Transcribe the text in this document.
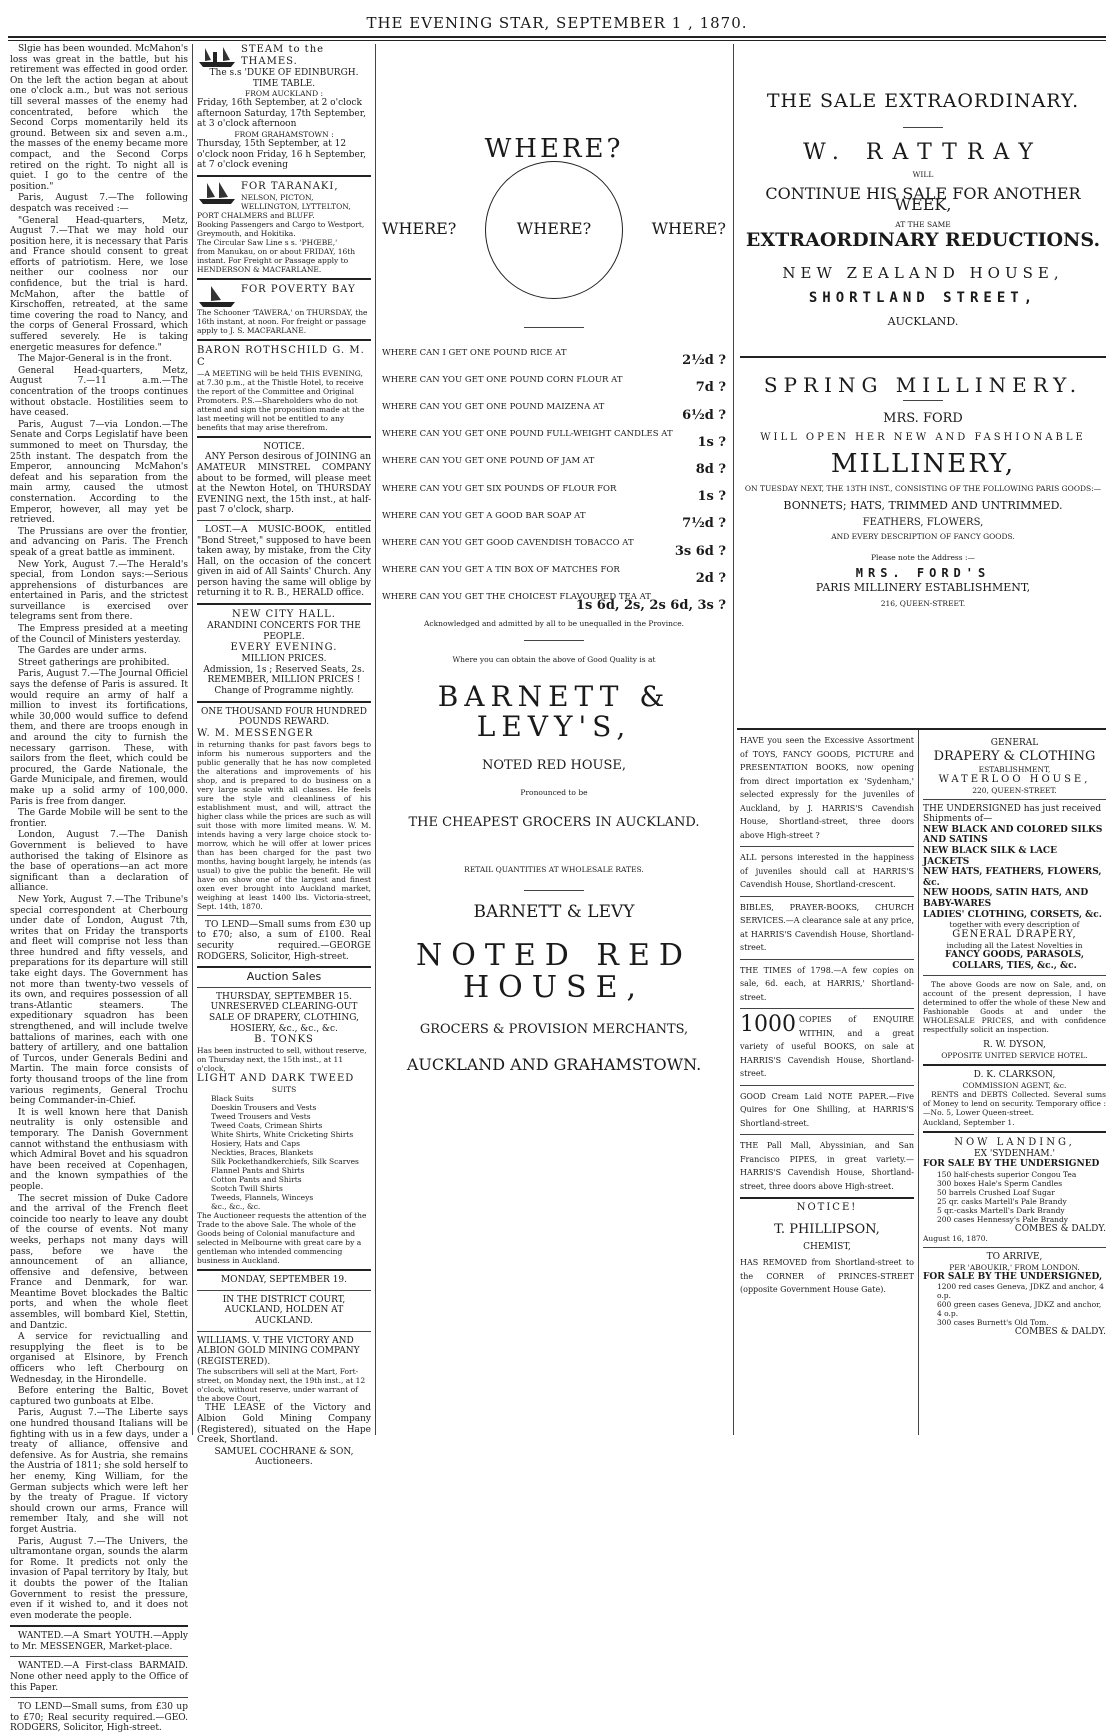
THE EVENING STAR, SEPTEMBER 1 , 1870.

Slgie has been wounded. McMahon's loss was great in the battle, but his retirement was effected in good order. On the left the action began at about one o'clock a.m., but was not serious till several masses of the enemy had concentrated, before which the Second Corps momentarily held its ground. Between six and seven a.m., the masses of the enemy became more compact, and the Second Corps retired on the right. To night all is quiet. I go to the centre of the position."

Paris, August 7.—The following despatch was received :—

"General Head-quarters, Metz, August 7.—That we may hold our position here, it is necessary that Paris and France should consent to great efforts of patriotism. Here, we lose neither our coolness nor our confidence, but the trial is hard. McMahon, after the battle of Kirschoffen, retreated, at the same time covering the road to Nancy, and the corps of General Frossard, which suffered severely. He is taking energetic measures for defence."

The Major-General is in the front.

General Head-quarters, Metz, August 7.—11 a.m.—The concentration of the troops continues without obstacle. Hostilities seem to have ceased.

Paris, August 7—via London.—The Senate and Corps Legislatif have been summoned to meet on Thursday, the 25th instant. The despatch from the Emperor, announcing McMahon's defeat and his separation from the main army, caused the utmost consternation. According to the Emperor, however, all may yet be retrieved.

The Prussians are over the frontier, and advancing on Paris. The French speak of a great battle as imminent.

New York, August 7.—The Herald's special, from London says:—Serious apprehensions of disturbances are entertained in Paris, and the strictest surveillance is exercised over telegrams sent from there.

The Empress presided at a meeting of the Council of Ministers yesterday.

The Gardes are under arms.

Street gatherings are prohibited.

Paris, August 7.—The Journal Officiel says the defense of Paris is assured. It would require an army of half a million to invest its fortifications, while 30,000 would suffice to defend them, and there are troops enough in and around the city to furnish the necessary garrison. These, with sailors from the fleet, which could be procured, the Garde Nationale, the Garde Municipale, and firemen, would make up a solid army of 100,000. Paris is free from danger.

The Garde Mobile will be sent to the frontier.

London, August 7.—The Danish Government is believed to have authorised the taking of Elsinore as the base of operations—an act more significant than a declaration of alliance.

New York, August 7.—The Tribune's special correspondent at Cherbourg under date of London, August 7th, writes that on Friday the transports and fleet will comprise not less than three hundred and fifty vessels, and preparations for its departure will still take eight days. The Government has not more than twenty-two vessels of its own, and requires possession of all trans-Atlantic steamers. The expeditionary squadron has been strengthened, and will include twelve battalions of marines, each with one battery of artillery, and one battalion of Turcos, under Generals Bedini and Martin. The main force consists of forty thousand troops of the line from various regiments, General Trochu being Commander-in-Chief.

It is well known here that Danish neutrality is only ostensible and temporary. The Danish Government cannot withstand the enthusiasm with which Admiral Bovet and his squadron have been received at Copenhagen, and the known sympathies of the people.

The secret mission of Duke Cadore and the arrival of the French fleet coincide too nearly to leave any doubt of the course of events. Not many weeks, perhaps not many days will pass, before we have the announcement of an alliance, offensive and defensive, between France and Denmark, for war. Meantime Bovet blockades the Baltic ports, and when the whole fleet assembles, will bombard Kiel, Stettin, and Dantzic.

A service for revictualling and resupplying the fleet is to be organised at Elsinore, by French officers who left Cherbourg on Wednesday, in the Hirondelle.

Before entering the Baltic, Bovet captured two gunboats at Elbe.

Paris, August 7.—The Liberte says one hundred thousand Italians will be fighting with us in a few days, under a treaty of alliance, offensive and defensive. As for Austria, she remains the Austria of 1811; she sold herself to her enemy, King William, for the German subjects which were left her by the treaty of Prague. If victory should crown our arms, France will remember Italy, and she will not forget Austria.

Paris, August 7.—The Univers, the ultramontane organ, sounds the alarm for Rome. It predicts not only the invasion of Papal territory by Italy, but it doubts the power of the Italian Government to resist the pressure, even if it wished to, and it does not even moderate the people.

WANTED.—A Smart YOUTH.—Apply to Mr. MESSENGER, Market-place.

WANTED.—A First-class BARMAID. None other need apply to the Office of this Paper.

TO LEND—Small sums, from £30 up to £70; Real security required.—GEO. RODGERS, Solicitor, High-street.

STEAM to the THAMES.
The s.s 'DUKE OF EDINBURGH. TIME TABLE.
FROM AUCKLAND :
Friday, 16th September, at 2 o'clock afternoon Saturday, 17th September, at 3 o'clock afternoon
FROM GRAHAMSTOWN :
Thursday, 15th September, at 12 o'clock noon Friday, 16 h September, at 7 o'clock evening
FOR TARANAKI,
NELSON, PICTON, WELLINGTON, LYTTELTON, PORT CHALMERS and BLUFF.
Booking Passengers and Cargo to Westport, Greymouth, and Hokitika.
The Circular Saw Line s s. 'PHŒBE,'
from Manukau, on or about FRIDAY, 16th instant. For Freight or Passage apply to HENDERSON & MACFARLANE.
FOR POVERTY BAY
The Schooner 'TAWERA,' on THURSDAY, the 16th instant, at noon. For freight or passage apply to J. S. MACFARLANE.
BARON ROTHSCHILD G. M. C
—A MEETING will be held THIS EVENING, at 7.30 p.m., at the Thistle Hotel, to receive the report of the Committee and Original Promoters. P.S.—Shareholders who do not attend and sign the proposition made at the last meeting will not be entitled to any benefits that may arise therefrom.
NOTICE.

ANY Person desirous of JOINING an AMATEUR MINSTREL COMPANY about to be formed, will please meet at the Newton Hotel, on THURSDAY EVENING next, the 15th inst., at half-past 7 o'clock, sharp.

LOST.—A MUSIC-BOOK, entitled "Bond Street," supposed to have been taken away, by mistake, from the City Hall, on the occasion of the concert given in aid of All Saints' Church. Any person having the same will oblige by returning it to R. B., HERALD office.

NEW CITY HALL.
ARANDINI CONCERTS FOR THE PEOPLE.
EVERY EVENING.
MILLION PRICES.
Admission, 1s ; Reserved Seats, 2s.
REMEMBER, MILLION PRICES !
Change of Programme nightly.
ONE THOUSAND FOUR HUNDRED POUNDS REWARD.
W. M. MESSENGER
in returning thanks for past favors begs to inform his numerous supporters and the public generally that he has now completed the alterations and improvements of his shop, and is prepared to do business on a very large scale with all classes. He feels sure the style and cleanliness of his establishment must, and will, attract the higher class while the prices are such as will suit those with more limited means. W. M. intends having a very large choice stock to-morrow, which he will offer at lower prices than has been charged for the past two months, having bought largely, he intends (as usual) to give the public the benefit. He will have on show one of the largest and finest oxen ever brought into Auckland market, weighing at least 1400 lbs. Victoria-street, Sept. 14th, 1870.

TO LEND—Small sums from £30 up to £70; also, a sum of £100. Real security required.—GEORGE RODGERS, Solicitor, High-street.

Auction Sales
THURSDAY, SEPTEMBER 15.
UNRESERVED CLEARING-OUT SALE OF DRAPERY, CLOTHING, HOSIERY, &c., &c., &c.
B. TONKS
Has been instructed to sell, without reserve, on Thursday next, the 15th inst., at 11 o'clock,
LIGHT AND DARK TWEED
SUITS
Black Suits
Doeskin Trousers and Vests
Tweed Trousers and Vests
Tweed Coats, Crimean Shirts
White Shirts, White Cricketing Shirts
Hosiery, Hats and Caps
Neckties, Braces, Blankets
Silk Pockethandkerchiefs, Silk Scarves
Flannel Pants and Shirts
Cotton Pants and Shirts
Scotch Twill Shirts
Tweeds, Flannels, Winceys
&c., &c., &c.
The Auctioneer requests the attention of the Trade to the above Sale. The whole of the Goods being of Colonial manufacture and selected in Melbourne with great care by a gentleman who intended commencing business in Auckland.
MONDAY, SEPTEMBER 19.
IN THE DISTRICT COURT, AUCKLAND, HOLDEN AT AUCKLAND.
WILLIAMS. V. THE VICTORY AND ALBION GOLD MINING COMPANY (REGISTERED).
The subscribers will sell at the Mart, Fort-street, on Monday next, the 19th inst., at 12 o'clock, without reserve, under warrant of the above Court,

THE LEASE of the Victory and Albion Gold Mining Company (Registered), situated on the Hape Creek, Shortland.

SAMUEL COCHRANE & SON,
Auctioneers.
WHERE?
WHERE?	WHERE?	WHERE?
WHERE CAN I GET ONE POUND RICE AT
2½d ?
WHERE CAN YOU GET ONE POUND CORN FLOUR AT
7d ?
WHERE CAN YOU GET ONE POUND MAIZENA AT
6½d ?
WHERE CAN YOU GET ONE POUND FULL-WEIGHT CANDLES AT
1s ?
WHERE CAN YOU GET ONE POUND OF JAM AT
8d ?
WHERE CAN YOU GET SIX POUNDS OF FLOUR FOR
1s ?
WHERE CAN YOU GET A GOOD BAR SOAP AT
7½d ?
WHERE CAN YOU GET GOOD CAVENDISH TOBACCO AT
3s 6d ?
WHERE CAN YOU GET A TIN BOX OF MATCHES FOR
2d ?
WHERE CAN YOU GET THE CHOICEST FLAVOURED TEA AT
1s 6d, 2s, 2s 6d, 3s ?
Acknowledged and admitted by all to be unequalled in the Province.
Where you can obtain the above of Good Quality is at
BARNETT & LEVY'S,
NOTED RED HOUSE,
Pronounced to be
THE CHEAPEST GROCERS IN AUCKLAND.
RETAIL QUANTITIES AT WHOLESALE RATES.
BARNETT & LEVY
NOTED RED HOUSE,
GROCERS & PROVISION MERCHANTS,
AUCKLAND AND GRAHAMSTOWN.
THE SALE EXTRAORDINARY.
W. RATTRAY
WILL
CONTINUE HIS SALE FOR ANOTHER WEEK,
AT THE SAME
EXTRAORDINARY REDUCTIONS.
NEW ZEALAND HOUSE,
SHORTLAND STREET,
AUCKLAND.
SPRING MILLINERY.
MRS. FORD
WILL OPEN HER NEW AND FASHIONABLE
MILLINERY,
ON TUESDAY NEXT, THE 13TH INST., CONSISTING OF THE FOLLOWING PARIS GOODS:—
BONNETS; HATS, TRIMMED AND UNTRIMMED.
FEATHERS, FLOWERS,
AND EVERY DESCRIPTION OF FANCY GOODS.
Please note the Address :—
MRS. FORD'S
PARIS MILLINERY ESTABLISHMENT,
216, QUEEN-STREET.

HAVE you seen the Excessive Assortment of TOYS, FANCY GOODS, PICTURE and PRESENTATION BOOKS, now opening from direct importation ex 'Sydenham,' selected expressly for the juveniles of Auckland, by J. HARRIS'S Cavendish House, Shortland-street, three doors above High-street ?

ALL persons interested in the happiness of juveniles should call at HARRIS'S Cavendish House, Shortland-crescent.

BIBLES, PRAYER-BOOKS, CHURCH SERVICES.—A clearance sale at any price, at HARRIS'S Cavendish House, Shortland-street.

THE TIMES of 1798.—A few copies on sale, 6d. each, at HARRIS,' Shortland-street.

1000 COPIES of ENQUIRE WITHIN, and a great variety of useful BOOKS, on sale at HARRIS'S Cavendish House, Shortland-street.

GOOD Cream Laid NOTE PAPER.—Five Quires for One Shilling, at HARRIS'S Shortland-street.

THE Pall Mall, Abyssinian, and San Francisco PIPES, in great variety.—HARRIS'S Cavendish House, Shortland-street, three doors above High-street.

NOTICE!
T. PHILLIPSON,
CHEMIST,

HAS REMOVED from Shortland-street to the CORNER of PRINCES-STREET (opposite Government House Gate).

GENERAL
DRAPERY & CLOTHING
ESTABLISHMENT,
WATERLOO HOUSE,
220, QUEEN-STREET.
THE UNDERSIGNED has just received Shipments of—
NEW BLACK AND COLORED SILKS AND SATINS
NEW BLACK SILK & LACE JACKETS
NEW HATS, FEATHERS, FLOWERS, &c.
NEW HOODS, SATIN HATS, AND BABY-WARES
LADIES' CLOTHING, CORSETS, &c.
together with every description of
GENERAL DRAPERY,
including all the Latest Novelties in
FANCY GOODS, PARASOLS, COLLARS, TIES, &c., &c.

The above Goods are now on Sale, and, on account of the present depression, I have determined to offer the whole of these New and Fashionable Goods at and under the WHOLESALE PRICES, and with confidence respectfully solicit an inspection.

R. W. DYSON,
OPPOSITE UNITED SERVICE HOTEL.
D. K. CLARKSON,
COMMISSION AGENT, &c.

RENTS and DEBTS Collected. Several sums of Money to lend on security. Temporary office :—No. 5, Lower Queen-street.

Auckland, September 1.
NOW LANDING,
EX 'SYDENHAM.'
FOR SALE BY THE UNDERSIGNED
150 half-chests superior Congou Tea
300 boxes Hale's Sperm Candles
50 barrels Crushed Loaf Sugar
25 qr. casks Martell's Pale Brandy
5 qr.-casks Martell's Dark Brandy
200 cases Hennessy's Pale Brandy
COMBES & DALDY.
August 16, 1870.
TO ARRIVE,
PER 'ABOUKIR,' FROM LONDON.
FOR SALE BY THE UNDERSIGNED,
1200 red cases Geneva, JDKZ and anchor, 4 o.p.
600 green cases Geneva, JDKZ and anchor, 4 o.p.
300 cases Burnett's Old Tom.
COMBES & DALDY.
